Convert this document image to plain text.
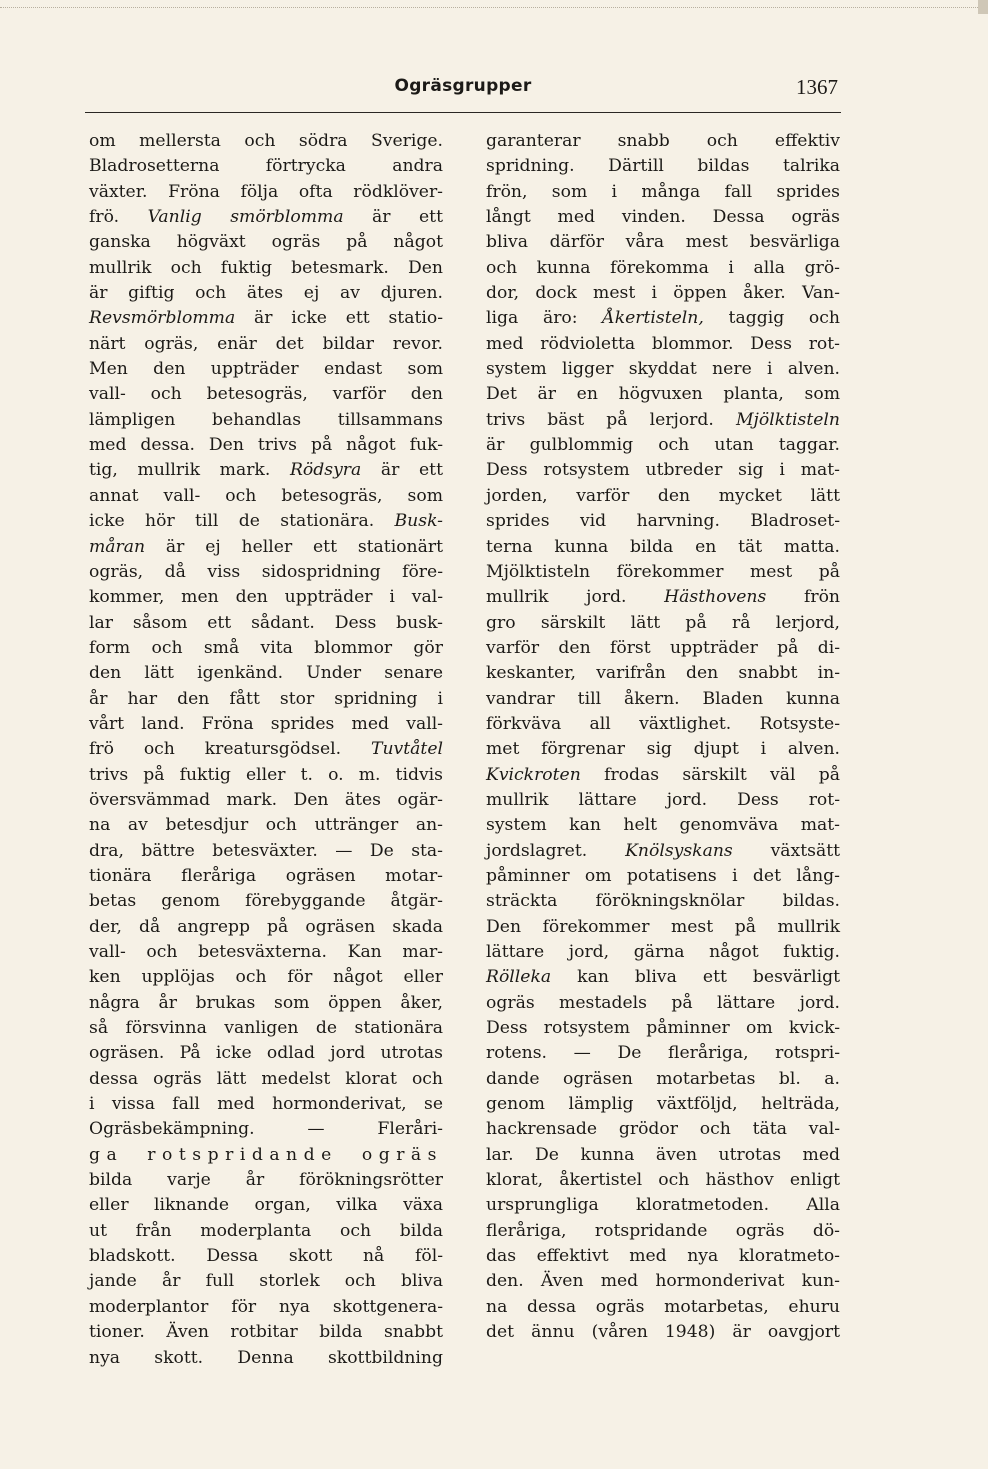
Ogräsgrupper	1367
om mellersta och södra Sverige.
Bladrosetterna förtrycka andra
växter. Fröna följa ofta rödklöver-
frö. Vanlig smörblomma är ett
ganska högväxt ogräs på något
mullrik och fuktig betesmark. Den
är giftig och ätes ej av djuren.
Revsmörblomma är icke ett statio-
närt ogräs, enär det bildar revor.
Men den uppträder endast som
vall- och betesogräs, varför den
lämpligen behandlas tillsammans
med dessa. Den trivs på något fuk-
tig, mullrik mark. Rödsyra är ett
annat vall- och betesogräs, som
icke hör till de stationära. Busk-
måran är ej heller ett stationärt
ogräs, då viss sidospridning före-
kommer, men den uppträder i val-
lar såsom ett sådant. Dess busk-
form och små vita blommor gör
den lätt igenkänd. Under senare
år har den fått stor spridning i
vårt land. Fröna sprides med vall-
frö och kreatursgödsel. Tuvtåtel
trivs på fuktig eller t. o. m. tidvis
översvämmad mark. Den ätes ogär-
na av betesdjur och uttränger an-
dra, bättre betesväxter. — De sta-
tionära fleråriga ogräsen motar-
betas genom förebyggande åtgär-
der, då angrepp på ogräsen skada
vall- och betesväxterna. Kan mar-
ken upplöjas och för något eller
några år brukas som öppen åker,
så försvinna vanligen de stationära
ogräsen. På icke odlad jord utrotas
dessa ogräs lätt medelst klorat och
i vissa fall med hormonderivat, se
Ogräsbekämpning. — Flerårі-
ga rotspridande ogräs
bilda varje år förökningsrötter
eller liknande organ, vilka växa
ut från moderplanta och bilda
bladskott. Dessa skott nå föl-
jande år full storlek och bliva
moderplantor för nya skottgenera-
tioner. Även rotbitar bilda snabbt
nya skott. Denna skottbildning
garanterar snabb och effektiv
spridning. Därtill bildas talrika
frön, som i många fall sprides
långt med vinden. Dessa ogräs
bliva därför våra mest besvärliga
och kunna förekomma i alla grö-
dor, dock mest i öppen åker. Van-
liga äro: Åkertisteln, taggig och
med rödvioletta blommor. Dess rot-
system ligger skyddat nere i alven.
Det är en högvuxen planta, som
trivs bäst på lerjord. Mjölktisteln
är gulblommig och utan taggar.
Dess rotsystem utbreder sig i mat-
jorden, varför den mycket lätt
sprides vid harvning. Bladroset-
terna kunna bilda en tät matta.
Mjölktisteln förekommer mest på
mullrik jord. Hästhovens frön
gro särskilt lätt på rå lerjord,
varför den först uppträder på di-
keskanter, varifrån den snabbt in-
vandrar till åkern. Bladen kunna
förkväva all växtlighet. Rotsyste-
met förgrenar sig djupt i alven.
Kvickroten frodas särskilt väl på
mullrik lättare jord. Dess rot-
system kan helt genomväva mat-
jordslagret. Knölsyskans växtsätt
påminner om potatisens i det lång-
sträckta förökningsknölar bildas.
Den förekommer mest på mullrik
lättare jord, gärna något fuktig.
Rölleka kan bliva ett besvärligt
ogräs mestadels på lättare jord.
Dess rotsystem påminner om kvick-
rotens. — De fleråriga, rotspri-
dande ogräsen motarbetas bl. a.
genom lämplig växtföljd, helträda,
hackrensade grödor och täta val-
lar. De kunna även utrotas med
klorat, åkertistel och hästhov enligt
ursprungliga kloratmetoden. Alla
fleråriga, rotspridande ogräs dö-
das effektivt med nya kloratmeto-
den. Även med hormonderivat kun-
na dessa ogräs motarbetas, ehuru
det ännu (våren 1948) är oavgjort
